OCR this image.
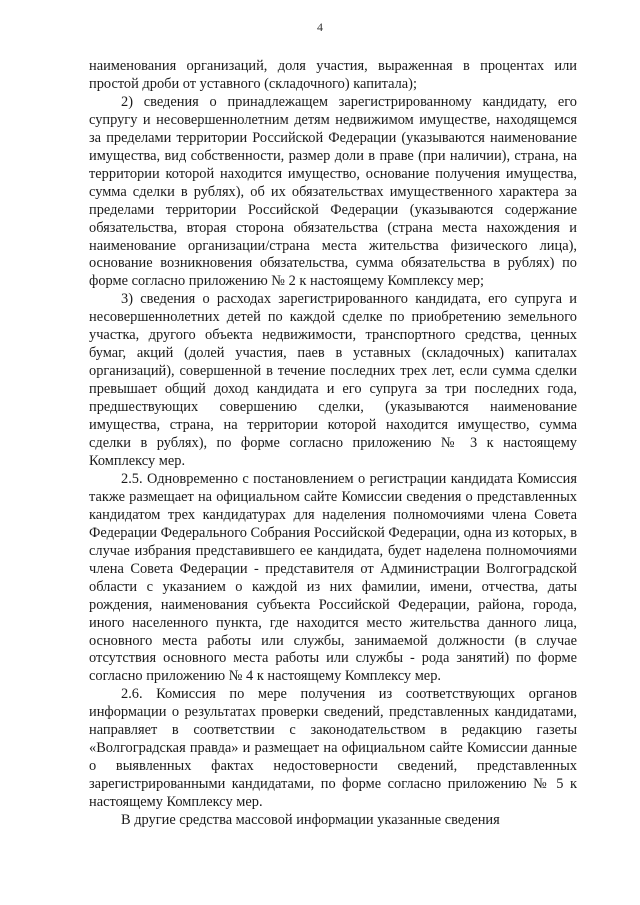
4

наименования организаций, доля участия, выраженная в процентах или простой дроби от уставного (складочного) капитала);

2) сведения о принадлежащем зарегистрированному кандидату, его супругу и несовершеннолетним детям недвижимом имуществе, находящемся за пределами территории Российской Федерации (указываются наименование имущества, вид собственности, размер доли в праве (при наличии), страна, на территории которой находится имущество, основание получения имущества, сумма сделки в рублях), об их обязательствах имущественного характера за пределами территории Российской Федерации (указываются содержание обязательства, вторая сторона обязательства (страна места нахождения и наименование организации/страна места жительства физического лица), основание возникновения обязательства, сумма обязательства в рублях) по форме согласно приложению № 2 к настоящему Комплексу мер;

3) сведения о расходах зарегистрированного кандидата, его супруга и несовершеннолетних детей по каждой сделке по приобретению земельного участка, другого объекта недвижимости, транспортного средства, ценных бумаг, акций (долей участия, паев в уставных (складочных) капиталах организаций), совершенной в течение последних трех лет, если сумма сделки превышает общий доход кандидата и его супруга за три последних года, предшествующих совершению сделки, (указываются наименование имущества, страна, на территории которой находится имущество, сумма сделки в рублях), по форме согласно приложению № 3 к настоящему Комплексу мер.

2.5. Одновременно с постановлением о регистрации кандидата Комиссия также размещает на официальном сайте Комиссии сведения о представленных кандидатом трех кандидатурах для наделения полномочиями члена Совета Федерации Федерального Собрания Российской Федерации, одна из которых, в случае избрания представившего ее кандидата, будет наделена полномочиями члена Совета Федерации - представителя от Администрации Волгоградской области с указанием о каждой из них фамилии, имени, отчества, даты рождения, наименования субъекта Российской Федерации, района, города, иного населенного пункта, где находится место жительства данного лица, основного места работы или службы, занимаемой должности (в случае отсутствия основного места работы или службы - рода занятий) по форме согласно приложению № 4 к настоящему Комплексу мер.

2.6. Комиссия по мере получения из соответствующих органов информации о результатах проверки сведений, представленных кандидатами, направляет в соответствии с законодательством в редакцию газеты «Волгоградская правда» и размещает на официальном сайте Комиссии данные о выявленных фактах недостоверности сведений, представленных зарегистрированными кандидатами, по форме согласно приложению № 5 к настоящему Комплексу мер.

В другие средства массовой информации указанные сведения
